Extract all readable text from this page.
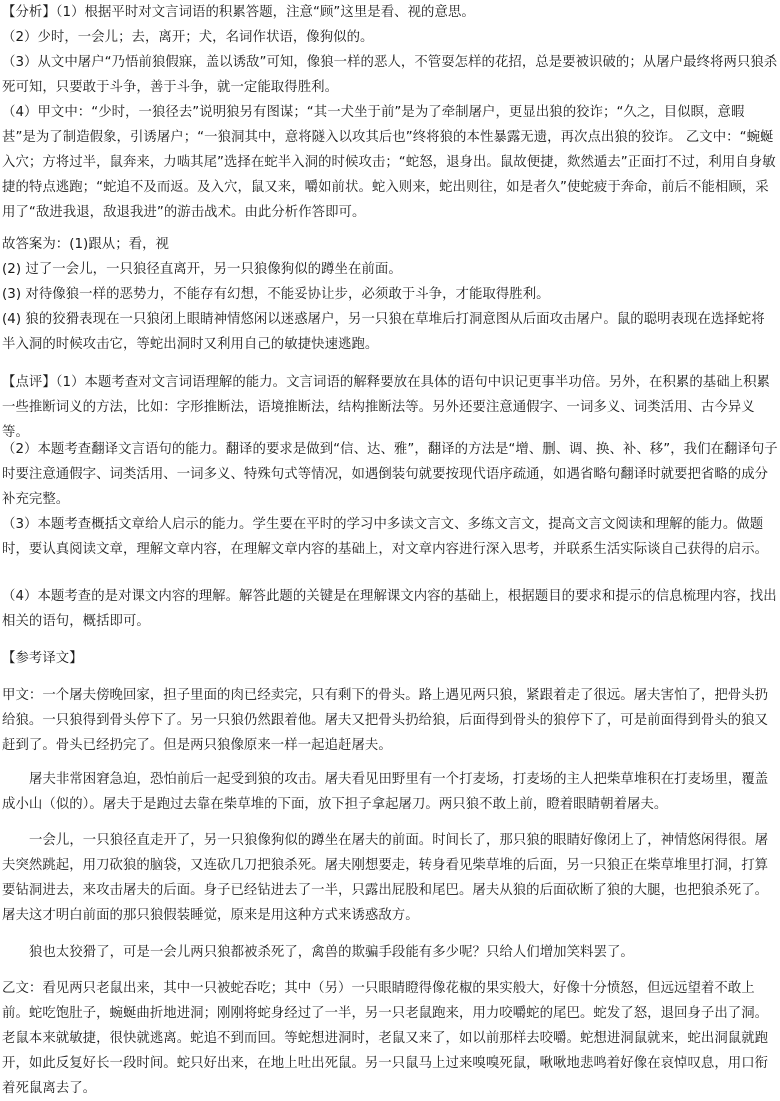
【分析】（1）根据平时对文言词语的积累答题，注意“顾”这里是看、视的意思。

（2）少时，一会儿；去，离开；犬，名词作状语，像狗似的。

（3）从文中屠户“乃悟前狼假寐，盖以诱敌”可知，像狼一样的恶人，不管耍怎样的花招，总是要被识破的；从屠户最终将两只狼杀死可知，只要敢于斗争，善于斗争，就一定能取得胜利。

（4）甲文中：“少时，一狼径去”说明狼另有图谋；“其一犬坐于前”是为了牵制屠户，更显出狼的狡诈；“久之，目似瞑，意暇甚”是为了制造假象，引诱屠户；“一狼洞其中，意将隧入以攻其后也”终将狼的本性暴露无遗，再次点出狼的狡诈。 乙文中：“蜿蜒入穴；方将过半，鼠奔来，力啮其尾”选择在蛇半入洞的时候攻击；“蛇怒，退身出。鼠故便捷，欻然遁去”正面打不过，利用自身敏捷的特点逃跑；“蛇追不及而返。及入穴，鼠又来，嚼如前状。蛇入则来，蛇出则往，如是者久”使蛇疲于奔命，前后不能相顾，采用了“敌进我退，敌退我进”的游击战术。由此分析作答即可。

故答案为：(1)跟从；看，视

(2) 过了一会儿，一只狼径直离开，另一只狼像狗似的蹲坐在前面。

(3) 对待像狼一样的恶势力，不能存有幻想，不能妥协让步，必须敢于斗争，才能取得胜利。

(4) 狼的狡猾表现在一只狼闭上眼睛神情悠闲以迷惑屠户，另一只狼在草堆后打洞意图从后面攻击屠户。鼠的聪明表现在选择蛇将半入洞的时候攻击它，等蛇出洞时又利用自己的敏捷快速逃跑。

【点评】（1）本题考查对文言词语理解的能力。文言词语的解释要放在具体的语句中识记更事半功倍。另外，在积累的基础上积累一些推断词义的方法，比如：字形推断法，语境推断法，结构推断法等。另外还要注意通假字、一词多义、词类活用、古今异义等。

（2）本题考查翻译文言语句的能力。翻译的要求是做到“信、达、雅”，翻译的方法是“增、删、调、换、补、移”，我们在翻译句子时要注意通假字、词类活用、一词多义、特殊句式等情况，如遇倒装句就要按现代语序疏通，如遇省略句翻译时就要把省略的成分补充完整。

（3）本题考查概括文章给人启示的能力。学生要在平时的学习中多读文言文、多练文言文，提高文言文阅读和理解的能力。做题时，要认真阅读文章，理解文章内容，在理解文章内容的基础上，对文章内容进行深入思考，并联系生活实际谈自己获得的启示。

（4）本题考查的是对课文内容的理解。解答此题的关键是在理解课文内容的基础上，根据题目的要求和提示的信息梳理内容，找出相关的语句，概括即可。

【参考译文】

甲文：一个屠夫傍晚回家，担子里面的肉已经卖完，只有剩下的骨头。路上遇见两只狼，紧跟着走了很远。屠夫害怕了，把骨头扔给狼。一只狼得到骨头停下了。另一只狼仍然跟着他。屠夫又把骨头扔给狼，后面得到骨头的狼停下了，可是前面得到骨头的狼又赶到了。骨头已经扔完了。但是两只狼像原来一样一起追赶屠夫。

屠夫非常困窘急迫，恐怕前后一起受到狼的攻击。屠夫看见田野里有一个打麦场，打麦场的主人把柴草堆积在打麦场里，覆盖成小山（似的）。屠夫于是跑过去靠在柴草堆的下面，放下担子拿起屠刀。两只狼不敢上前，瞪着眼睛朝着屠夫。

一会儿，一只狼径直走开了，另一只狼像狗似的蹲坐在屠夫的前面。时间长了，那只狼的眼睛好像闭上了，神情悠闲得很。屠夫突然跳起，用刀砍狼的脑袋，又连砍几刀把狼杀死。屠夫刚想要走，转身看见柴草堆的后面，另一只狼正在柴草堆里打洞，打算要钻洞进去，来攻击屠夫的后面。身子已经钻进去了一半，只露出屁股和尾巴。屠夫从狼的后面砍断了狼的大腿，也把狼杀死了。屠夫这才明白前面的那只狼假装睡觉，原来是用这种方式来诱惑敌方。

狼也太狡猾了，可是一会儿两只狼都被杀死了，禽兽的欺骗手段能有多少呢？只给人们增加笑料罢了。

乙文：看见两只老鼠出来，其中一只被蛇吞吃；其中（另）一只眼睛瞪得像花椒的果实般大，好像十分愤怒，但远远望着不敢上前。蛇吃饱肚子，蜿蜒曲折地进洞；刚刚将蛇身经过了一半，另一只老鼠跑来，用力咬嚼蛇的尾巴。蛇发了怒，退回身子出了洞。老鼠本来就敏捷，很快就逃离。蛇追不到而回。等蛇想进洞时，老鼠又来了，如以前那样去咬嚼。蛇想进洞鼠就来，蛇出洞鼠就跑开，如此反复好长一段时间。蛇只好出来，在地上吐出死鼠。另一只鼠马上过来嗅嗅死鼠，啾啾地悲鸣着好像在哀悼叹息，用口衔着死鼠离去了。
